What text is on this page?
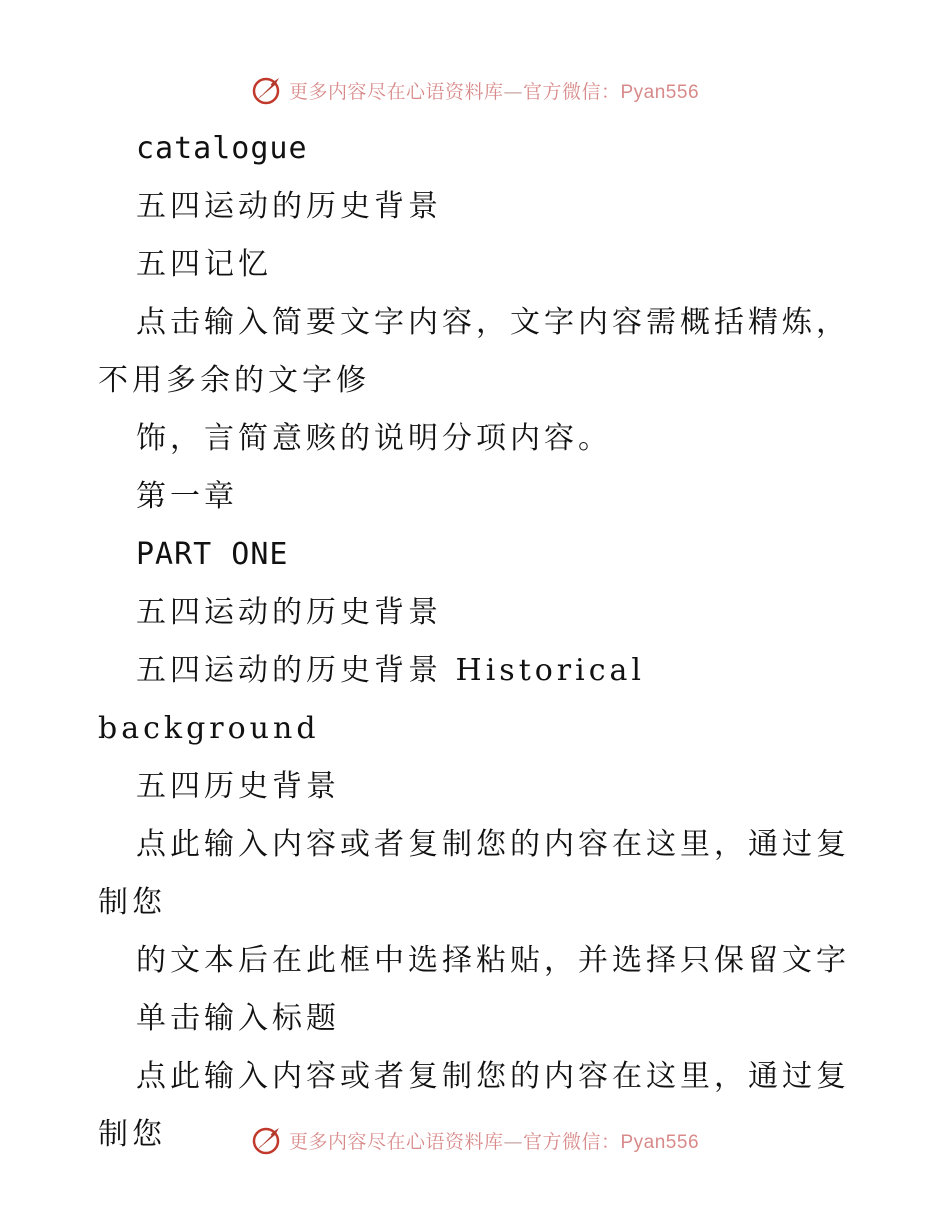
更多内容尽在心语资料库—官方微信：Pyan556

catalogue

五四运动的历史背景

五四记忆

点击输入简要文字内容，文字内容需概括精炼，不用多余的文字修

饰，言简意赅的说明分项内容。

第一章

PART ONE

五四运动的历史背景

五四运动的历史背景 Historical background

五四历史背景

点此输入内容或者复制您的内容在这里，通过复制您

的文本后在此框中选择粘贴，并选择只保留文字

单击输入标题

点此输入内容或者复制您的内容在这里，通过复制您	更多内容尽在心语资料库—官方微信：Pyan556
